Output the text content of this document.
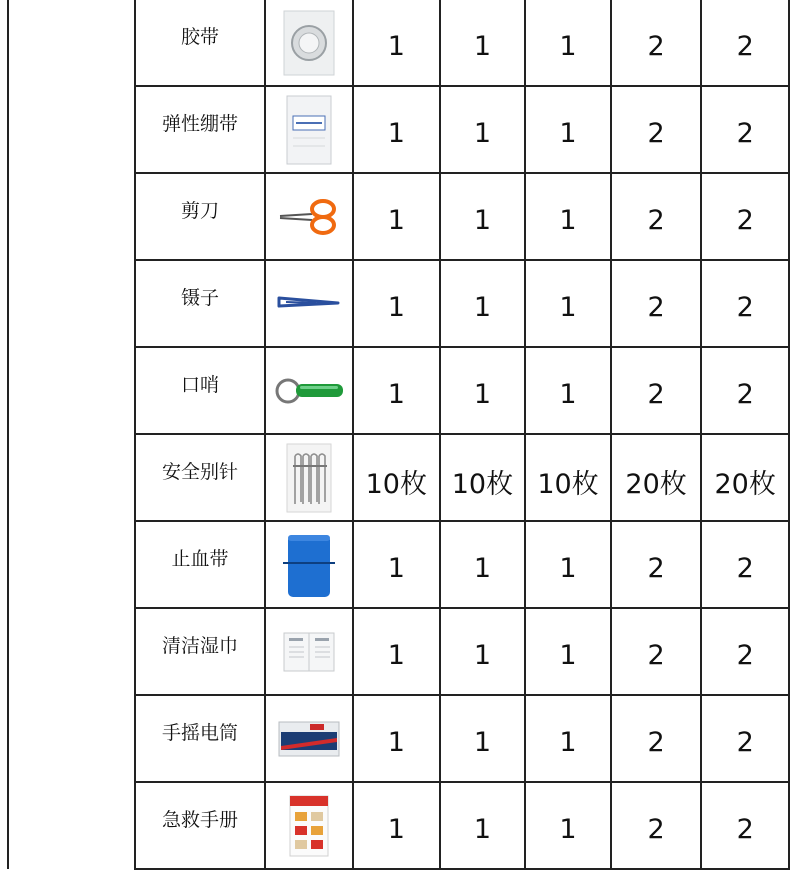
胶带		1	1	1	2	2
弹性绷带		1	1	1	2	2
剪刀		1	1	1	2	2
镊子		1	1	1	2	2
口哨		1	1	1	2	2
安全别针		10枚	10枚	10枚	20枚	20枚
止血带		1	1	1	2	2
清洁湿巾		1	1	1	2	2
手摇电筒		1	1	1	2	2
急救手册		1	1	1	2	2
